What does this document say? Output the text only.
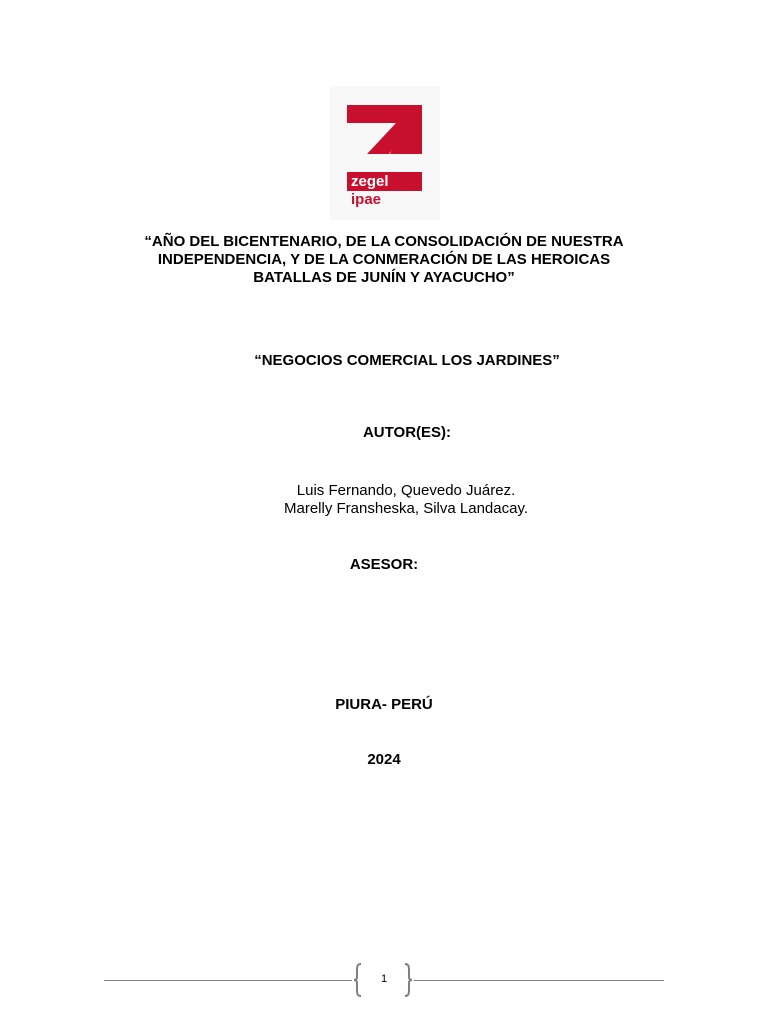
zegel
ipae
“AÑO DEL BICENTENARIO, DE LA CONSOLIDACIÓN DE NUESTRA
INDEPENDENCIA, Y DE LA CONMERACIÓN DE LAS HEROICAS
BATALLAS DE JUNÍN Y AYACUCHO”
“NEGOCIOS COMERCIAL LOS JARDINES”
AUTOR(ES):
Luis Fernando, Quevedo Juárez.
Marelly Fransheska, Silva Landacay.
ASESOR:
PIURA- PERÚ
2024
1
